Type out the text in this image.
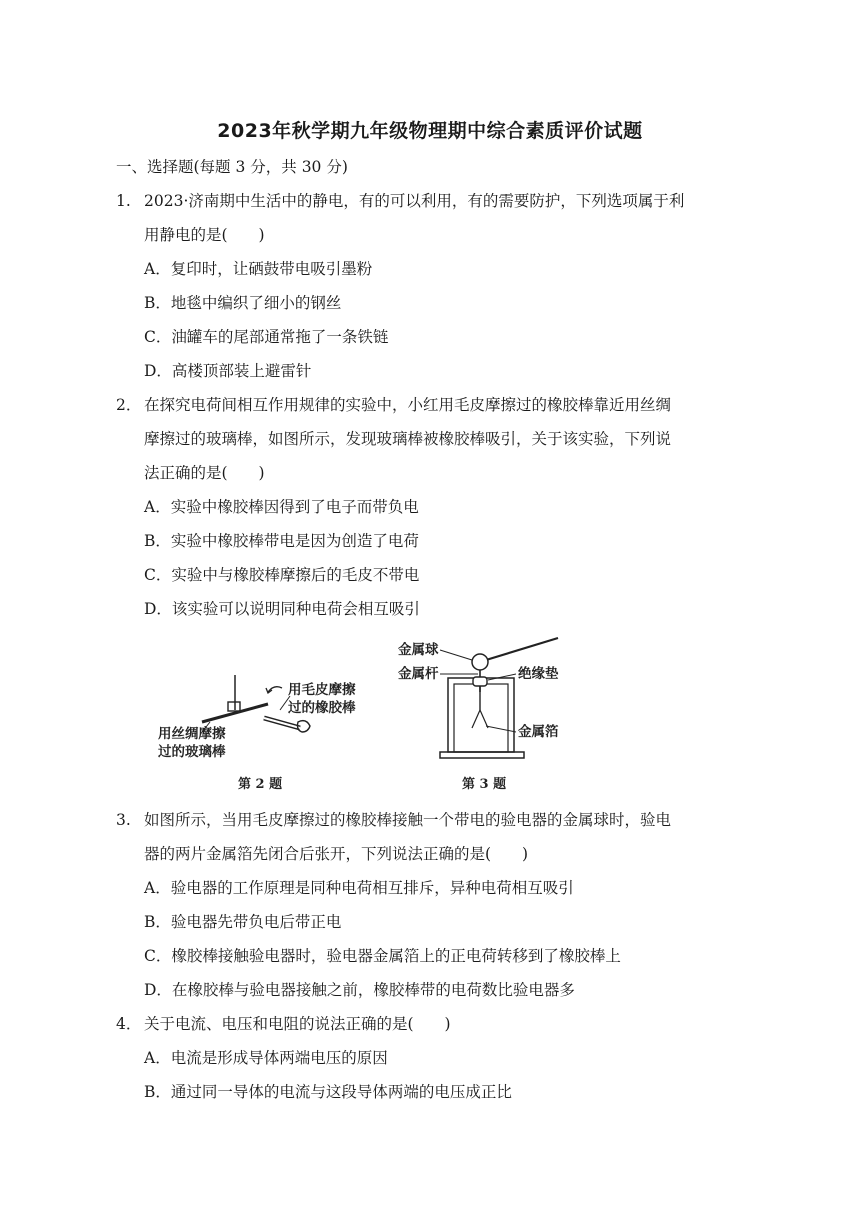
2023年秋学期九年级物理期中综合素质评价试题
一、选择题(每题 3 分，共 30 分)
1. 2023·济南期中生活中的静电，有的可以利用，有的需要防护，下列选项属于利
用静电的是(　　)
A．复印时，让硒鼓带电吸引墨粉
B．地毯中编织了细小的钢丝
C．油罐车的尾部通常拖了一条铁链
D．高楼顶部装上避雷针
2． 在探究电荷间相互作用规律的实验中，小红用毛皮摩擦过的橡胶棒靠近用丝绸
摩擦过的玻璃棒，如图所示，发现玻璃棒被橡胶棒吸引，关于该实验，下列说
法正确的是(　　)
A．实验中橡胶棒因得到了电子而带负电
B．实验中橡胶棒带电是因为创造了电荷
C．实验中与橡胶棒摩擦后的毛皮不带电
D．该实验可以说明同种电荷会相互吸引
用毛皮摩擦
过的橡胶棒
用丝绸摩擦
过的玻璃棒
第 2 题
金属球
金属杆	绝缘垫
金属箔
第 3 题
3. 如图所示，当用毛皮摩擦过的橡胶棒接触一个带电的验电器的金属球时，验电
器的两片金属箔先闭合后张开，下列说法正确的是(　　)
A．验电器的工作原理是同种电荷相互排斥，异种电荷相互吸引
B．验电器先带负电后带正电
C．橡胶棒接触验电器时，验电器金属箔上的正电荷转移到了橡胶棒上
D．在橡胶棒与验电器接触之前，橡胶棒带的电荷数比验电器多
4． 关于电流、电压和电阻的说法正确的是(　　)
A．电流是形成导体两端电压的原因
B．通过同一导体的电流与这段导体两端的电压成正比
